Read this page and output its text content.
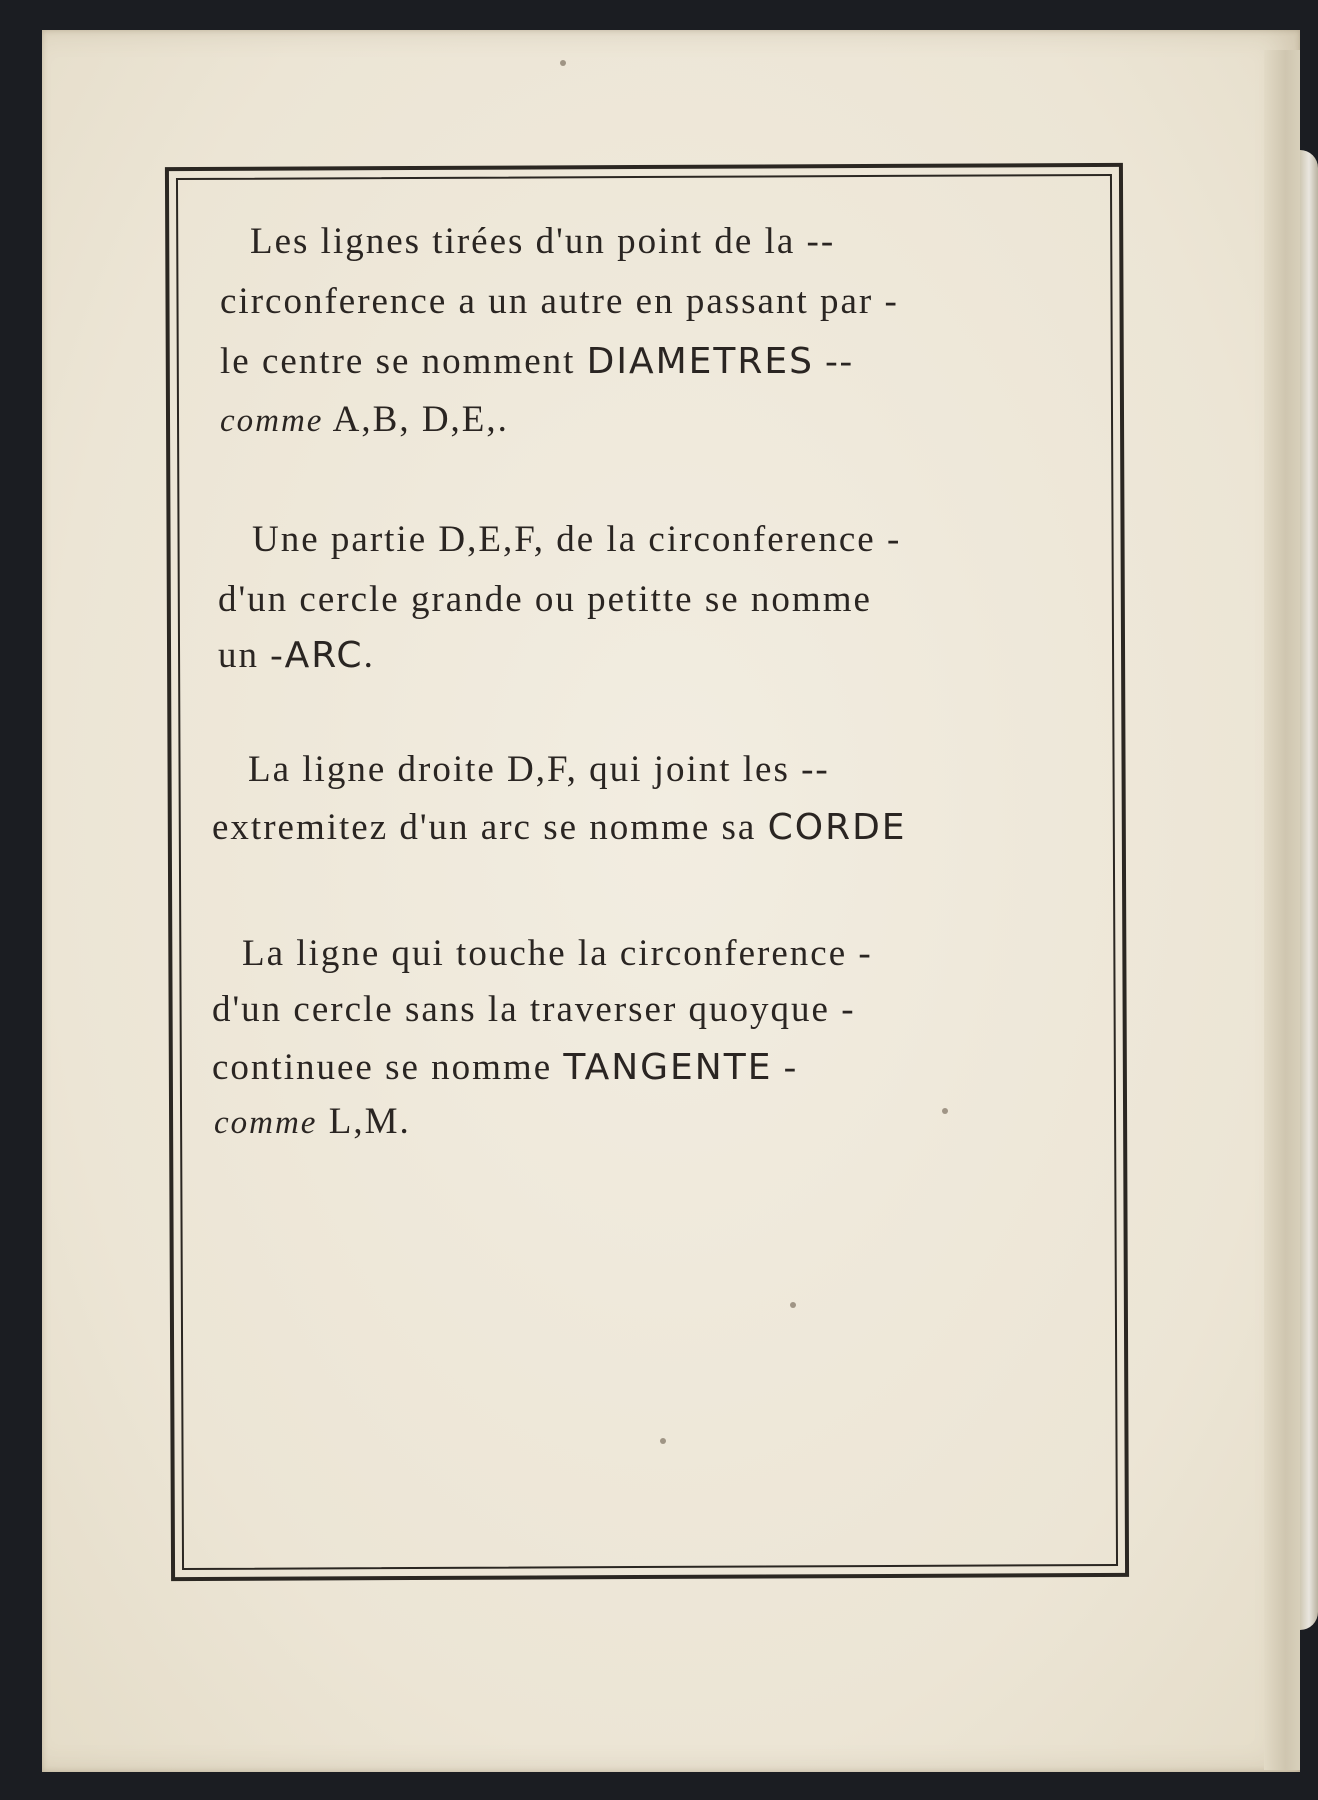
Les lignes tirées d'un point de la --
circonference a un autre en passant par -
le centre se nomment DIAMETRES --
comme A,B, D,E,.
Une partie D,E,F, de la circonference -
d'un cercle grande ou petitte se nomme
un -ARC.
La ligne droite D,F, qui joint les --
extremitez d'un arc se nomme sa CORDE
La ligne qui touche la circonference -
d'un cercle sans la traverser quoyque -
continuee se nomme TANGENTE -
comme L,M.
